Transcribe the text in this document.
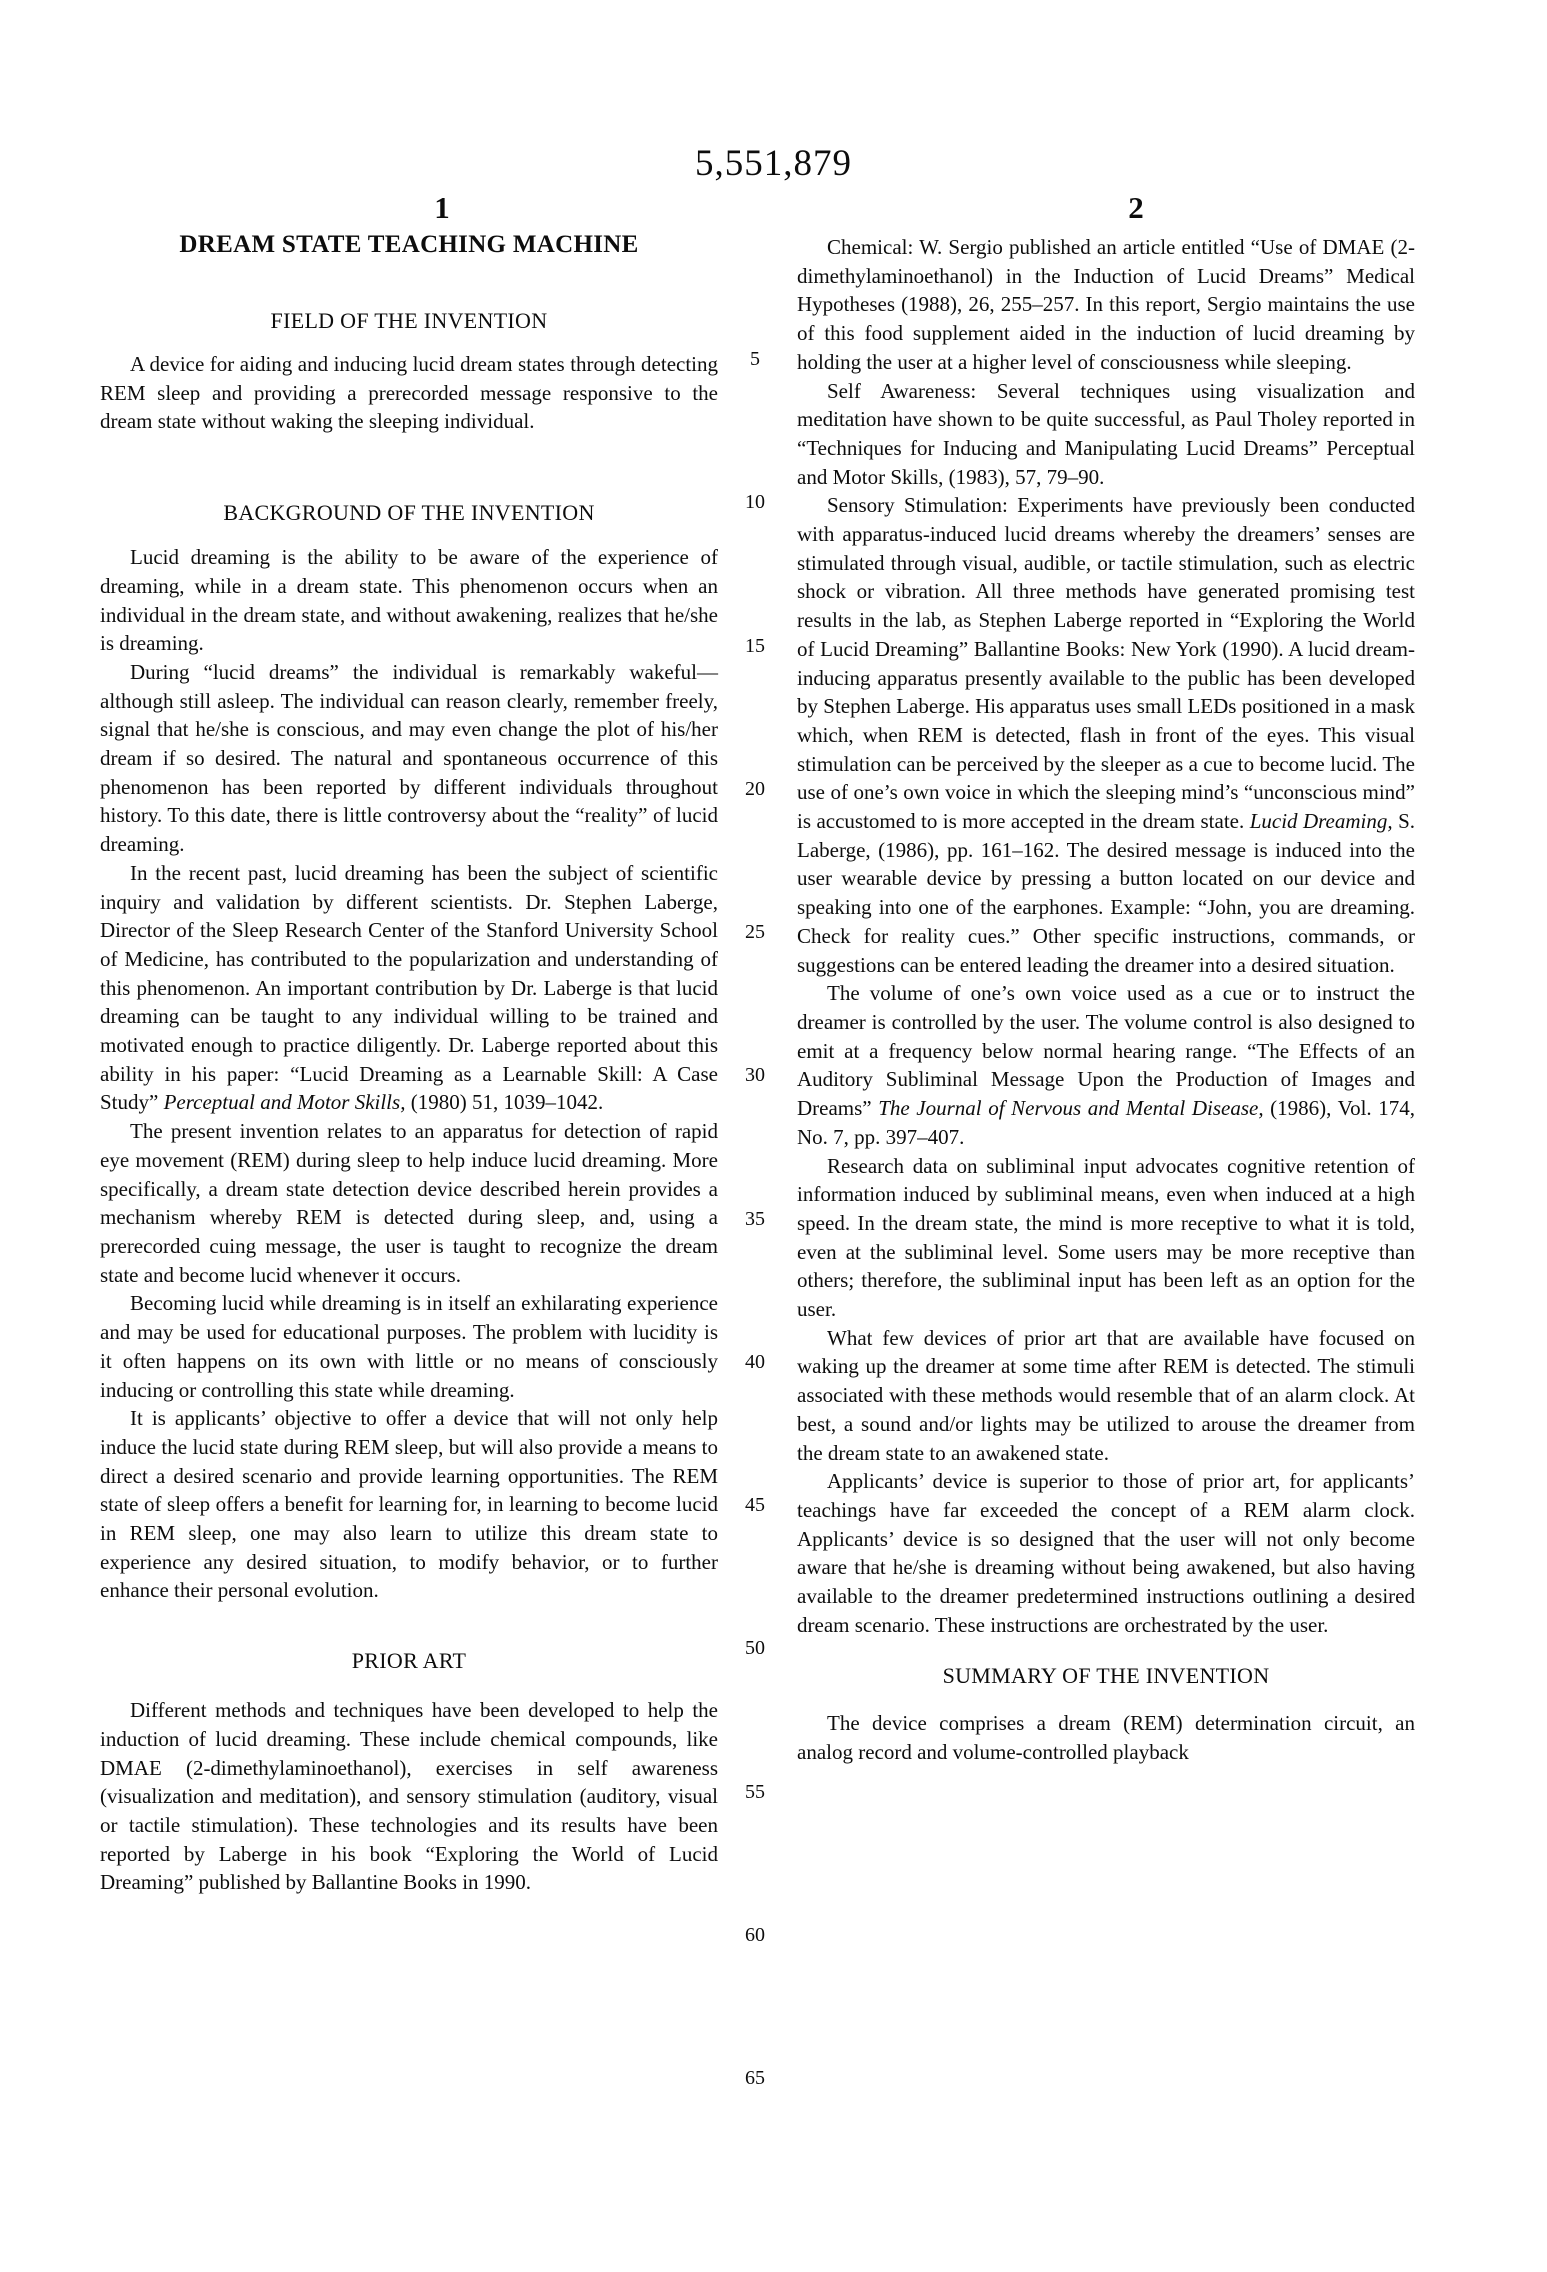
5,551,879
1	2
5
10
15
20
25
30
35
40
45
50
55
60
65
DREAM STATE TEACHING MACHINE
FIELD OF THE INVENTION

A device for aiding and inducing lucid dream states through detecting REM sleep and providing a prerecorded message responsive to the dream state without waking the sleeping individual.

BACKGROUND OF THE INVENTION

Lucid dreaming is the ability to be aware of the experience of dreaming, while in a dream state. This phenomenon occurs when an individual in the dream state, and without awakening, realizes that he/she is dreaming.

During “lucid dreams” the individual is remarkably wakeful—although still asleep. The individual can reason clearly, remember freely, signal that he/she is conscious, and may even change the plot of his/her dream if so desired. The natural and spontaneous occurrence of this phenomenon has been reported by different individuals throughout history. To this date, there is little controversy about the “reality” of lucid dreaming.

In the recent past, lucid dreaming has been the subject of scientific inquiry and validation by different scientists. Dr. Stephen Laberge, Director of the Sleep Research Center of the Stanford University School of Medicine, has contributed to the popularization and understanding of this phenomenon. An important contribution by Dr. Laberge is that lucid dreaming can be taught to any individual willing to be trained and motivated enough to practice diligently. Dr. Laberge reported about this ability in his paper: “Lucid Dreaming as a Learnable Skill: A Case Study” Perceptual and Motor Skills, (1980) 51, 1039–1042.

The present invention relates to an apparatus for detection of rapid eye movement (REM) during sleep to help induce lucid dreaming. More specifically, a dream state detection device described herein provides a mechanism whereby REM is detected during sleep, and, using a prerecorded cuing message, the user is taught to recognize the dream state and become lucid whenever it occurs.

Becoming lucid while dreaming is in itself an exhilarating experience and may be used for educational purposes. The problem with lucidity is it often happens on its own with little or no means of consciously inducing or controlling this state while dreaming.

It is applicants’ objective to offer a device that will not only help induce the lucid state during REM sleep, but will also provide a means to direct a desired scenario and provide learning opportunities. The REM state of sleep offers a benefit for learning for, in learning to become lucid in REM sleep, one may also learn to utilize this dream state to experience any desired situation, to modify behavior, or to further enhance their personal evolution.

PRIOR ART

Different methods and techniques have been developed to help the induction of lucid dreaming. These include chemical compounds, like DMAE (2-dimethylaminoethanol), exercises in self awareness (visualization and meditation), and sensory stimulation (auditory, visual or tactile stimulation). These technologies and its results have been reported by Laberge in his book “Exploring the World of Lucid Dreaming” published by Ballantine Books in 1990.

Chemical: W. Sergio published an article entitled “Use of DMAE (2-dimethylaminoethanol) in the Induction of Lucid Dreams” Medical Hypotheses (1988), 26, 255–257. In this report, Sergio maintains the use of this food supplement aided in the induction of lucid dreaming by holding the user at a higher level of consciousness while sleeping.

Self Awareness: Several techniques using visualization and meditation have shown to be quite successful, as Paul Tholey reported in “Techniques for Inducing and Manipulating Lucid Dreams” Perceptual and Motor Skills, (1983), 57, 79–90.

Sensory Stimulation: Experiments have previously been conducted with apparatus-induced lucid dreams whereby the dreamers’ senses are stimulated through visual, audible, or tactile stimulation, such as electric shock or vibration. All three methods have generated promising test results in the lab, as Stephen Laberge reported in “Exploring the World of Lucid Dreaming” Ballantine Books: New York (1990). A lucid dream-inducing apparatus presently available to the public has been developed by Stephen Laberge. His apparatus uses small LEDs positioned in a mask which, when REM is detected, flash in front of the eyes. This visual stimulation can be perceived by the sleeper as a cue to become lucid. The use of one’s own voice in which the sleeping mind’s “unconscious mind” is accustomed to is more accepted in the dream state. Lucid Dreaming, S. Laberge, (1986), pp. 161–162. The desired message is induced into the user wearable device by pressing a button located on our device and speaking into one of the earphones. Example: “John, you are dreaming. Check for reality cues.” Other specific instructions, commands, or suggestions can be entered leading the dreamer into a desired situation.

The volume of one’s own voice used as a cue or to instruct the dreamer is controlled by the user. The volume control is also designed to emit at a frequency below normal hearing range. “The Effects of an Auditory Subliminal Message Upon the Production of Images and Dreams” The Journal of Nervous and Mental Disease, (1986), Vol. 174, No. 7, pp. 397–407.

Research data on subliminal input advocates cognitive retention of information induced by subliminal means, even when induced at a high speed. In the dream state, the mind is more receptive to what it is told, even at the subliminal level. Some users may be more receptive than others; therefore, the subliminal input has been left as an option for the user.

What few devices of prior art that are available have focused on waking up the dreamer at some time after REM is detected. The stimuli associated with these methods would resemble that of an alarm clock. At best, a sound and/or lights may be utilized to arouse the dreamer from the dream state to an awakened state.

Applicants’ device is superior to those of prior art, for applicants’ teachings have far exceeded the concept of a REM alarm clock. Applicants’ device is so designed that the user will not only become aware that he/she is dreaming without being awakened, but also having available to the dreamer predetermined instructions outlining a desired dream scenario. These instructions are orchestrated by the user.

SUMMARY OF THE INVENTION

The device comprises a dream (REM) determination circuit, an analog record and volume-controlled playback
